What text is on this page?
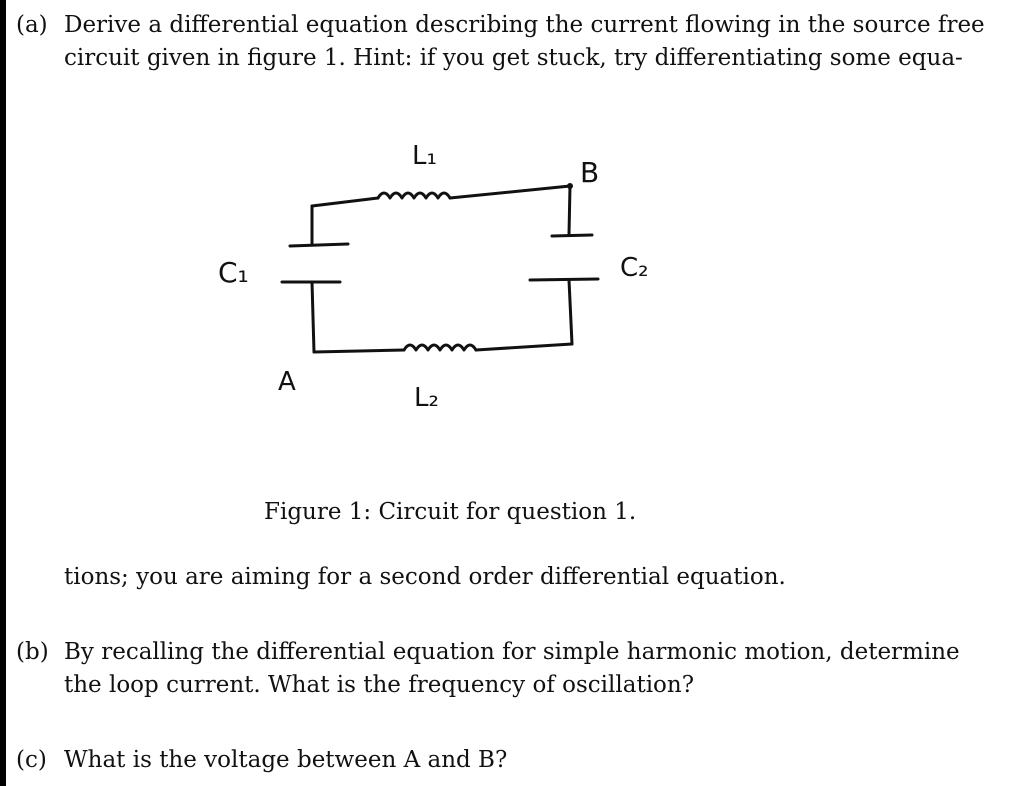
(a) Derive a differential equation describing the current flowing in the source free
circuit given in figure 1. Hint: if you get stuck, try differentiating some equa-
L₁	B
C₁	C₂
A
L₂
Figure 1: Circuit for question 1.
tions; you are aiming for a second order differential equation.
(b) By recalling the differential equation for simple harmonic motion, determine
the loop current. What is the frequency of oscillation?
(c) What is the voltage between A and B?
